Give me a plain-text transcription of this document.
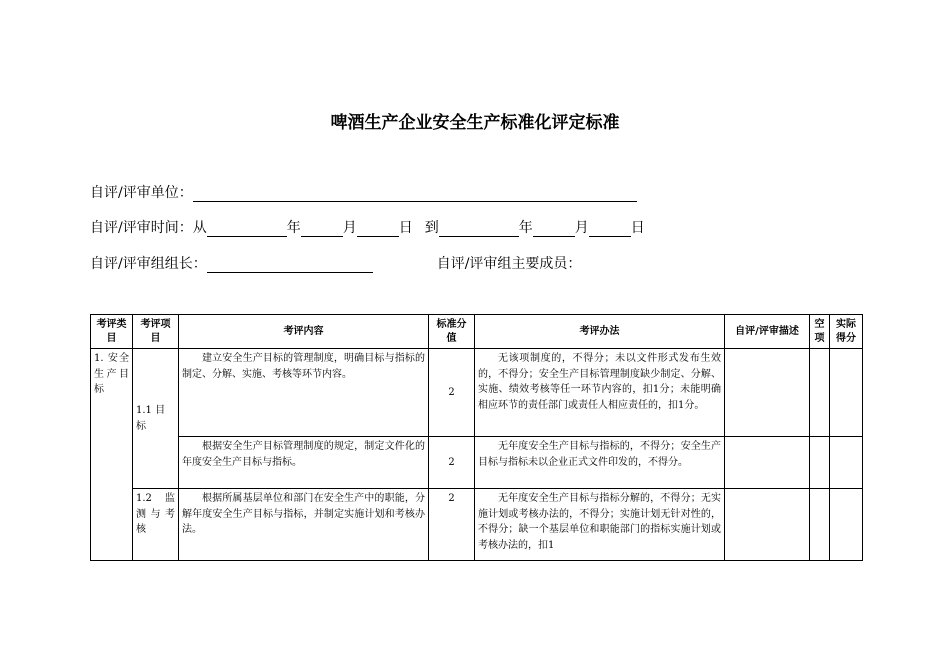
啤酒生产企业安全生产标准化评定标准
自评/评审单位：
自评/评审时间：从	年	月	日 到	年	月	日
自评/评审组组长：	自评/评审组主要成员：
考评类目	考评项目	考评内容	标准分值	考评办法	自评/评审描述	空项	实际得分
1. 安全生产目标	1.1 目标	建立安全生产目标的管理制度，明确目标与指标的制定、分解、实施、考核等环节内容。	2	无该项制度的，不得分；未以文件形式发布生效的，不得分；安全生产目标管理制度缺少制定、分解、实施、绩效考核等任一环节内容的，扣1分；未能明确相应环节的责任部门或责任人相应责任的，扣1分。			
		根据安全生产目标管理制度的规定，制定文件化的年度安全生产目标与指标。	2	无年度安全生产目标与指标的，不得分；安全生产目标与指标未以企业正式文件印发的，不得分。			
	1.2 监测与考核	根据所属基层单位和部门在安全生产中的职能，分解年度安全生产目标与指标，并制定实施计划和考核办法。	2	无年度安全生产目标与指标分解的，不得分；无实施计划或考核办法的，不得分；实施计划无针对性的，不得分；缺一个基层单位和职能部门的指标实施计划或考核办法的，扣1			
